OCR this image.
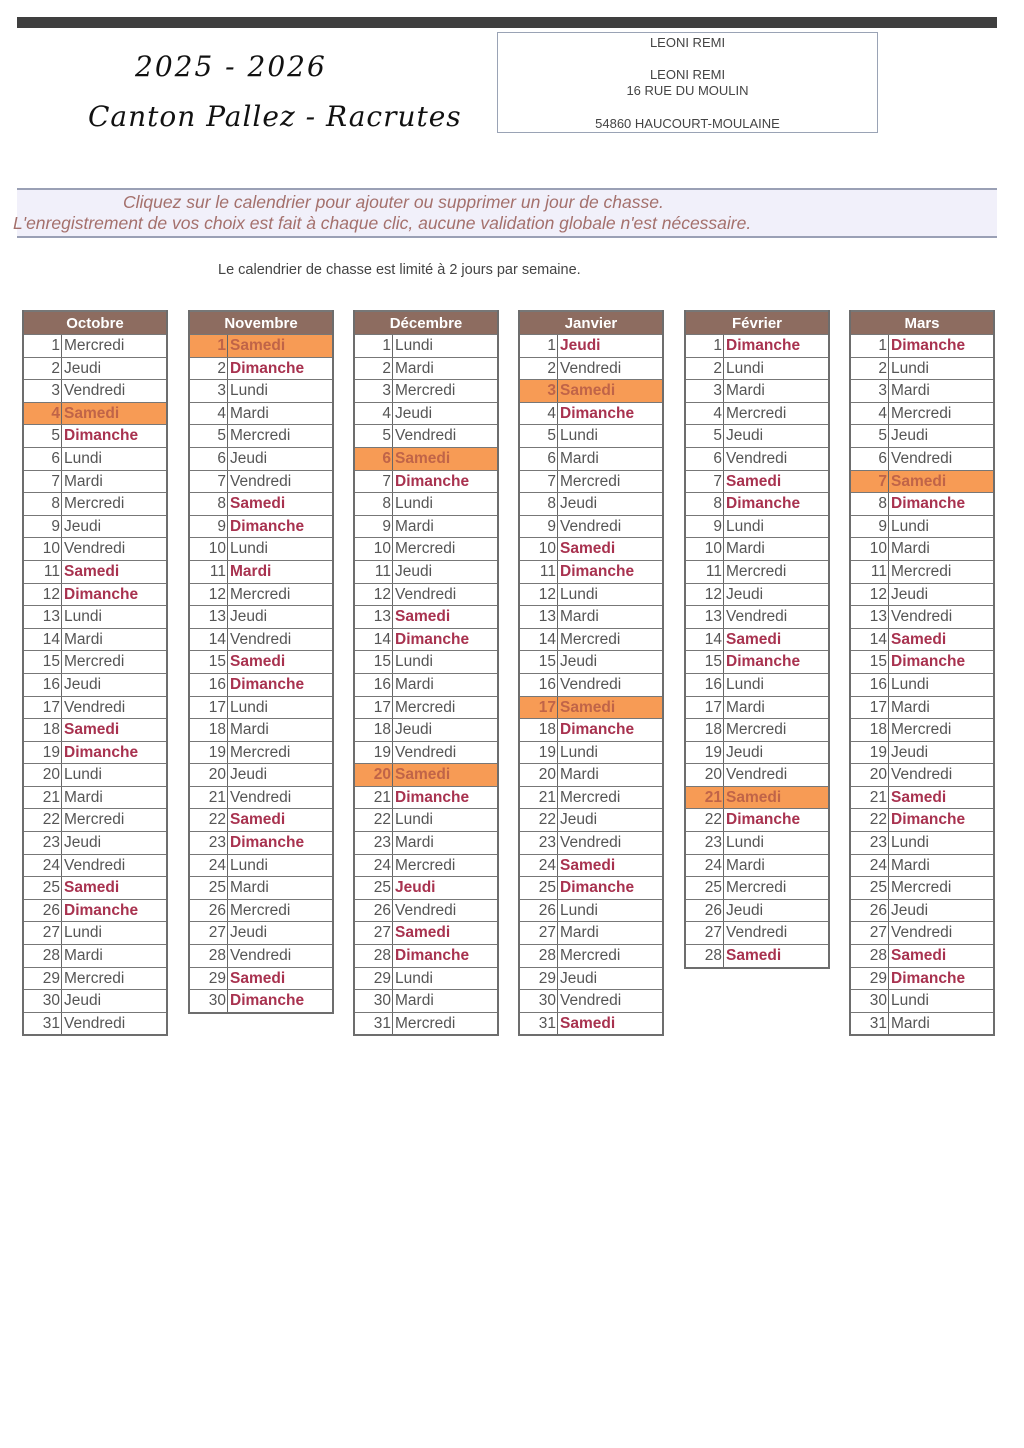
2025 - 2026
Canton Pallez - Racrutes
LEONI REMI
LEONI REMI
16 RUE DU MOULIN
54860 HAUCOURT-MOULAINE
Cliquez sur le calendrier pour ajouter ou supprimer un jour de chasse.
L'enregistrement de vos choix est fait à chaque clic, aucune validation globale n'est nécessaire.
Le calendrier de chasse est limité à 2 jours par semaine.
Octobre
1 Mercredi
2 Jeudi
3 Vendredi
4 Samedi
5 Dimanche
6 Lundi
7 Mardi
8 Mercredi
9 Jeudi
10 Vendredi
11 Samedi
12 Dimanche
13 Lundi
14 Mardi
15 Mercredi
16 Jeudi
17 Vendredi
18 Samedi
19 Dimanche
20 Lundi
21 Mardi
22 Mercredi
23 Jeudi
24 Vendredi
25 Samedi
26 Dimanche
27 Lundi
28 Mardi
29 Mercredi
30 Jeudi
31 Vendredi
Novembre
1 Samedi
2 Dimanche
3 Lundi
4 Mardi
5 Mercredi
6 Jeudi
7 Vendredi
8 Samedi
9 Dimanche
10 Lundi
11 Mardi
12 Mercredi
13 Jeudi
14 Vendredi
15 Samedi
16 Dimanche
17 Lundi
18 Mardi
19 Mercredi
20 Jeudi
21 Vendredi
22 Samedi
23 Dimanche
24 Lundi
25 Mardi
26 Mercredi
27 Jeudi
28 Vendredi
29 Samedi
30 Dimanche
Décembre
1 Lundi
2 Mardi
3 Mercredi
4 Jeudi
5 Vendredi
6 Samedi
7 Dimanche
8 Lundi
9 Mardi
10 Mercredi
11 Jeudi
12 Vendredi
13 Samedi
14 Dimanche
15 Lundi
16 Mardi
17 Mercredi
18 Jeudi
19 Vendredi
20 Samedi
21 Dimanche
22 Lundi
23 Mardi
24 Mercredi
25 Jeudi
26 Vendredi
27 Samedi
28 Dimanche
29 Lundi
30 Mardi
31 Mercredi
Janvier
1 Jeudi
2 Vendredi
3 Samedi
4 Dimanche
5 Lundi
6 Mardi
7 Mercredi
8 Jeudi
9 Vendredi
10 Samedi
11 Dimanche
12 Lundi
13 Mardi
14 Mercredi
15 Jeudi
16 Vendredi
17 Samedi
18 Dimanche
19 Lundi
20 Mardi
21 Mercredi
22 Jeudi
23 Vendredi
24 Samedi
25 Dimanche
26 Lundi
27 Mardi
28 Mercredi
29 Jeudi
30 Vendredi
31 Samedi
Février
1 Dimanche
2 Lundi
3 Mardi
4 Mercredi
5 Jeudi
6 Vendredi
7 Samedi
8 Dimanche
9 Lundi
10 Mardi
11 Mercredi
12 Jeudi
13 Vendredi
14 Samedi
15 Dimanche
16 Lundi
17 Mardi
18 Mercredi
19 Jeudi
20 Vendredi
21 Samedi
22 Dimanche
23 Lundi
24 Mardi
25 Mercredi
26 Jeudi
27 Vendredi
28 Samedi
Mars
1 Dimanche
2 Lundi
3 Mardi
4 Mercredi
5 Jeudi
6 Vendredi
7 Samedi
8 Dimanche
9 Lundi
10 Mardi
11 Mercredi
12 Jeudi
13 Vendredi
14 Samedi
15 Dimanche
16 Lundi
17 Mardi
18 Mercredi
19 Jeudi
20 Vendredi
21 Samedi
22 Dimanche
23 Lundi
24 Mardi
25 Mercredi
26 Jeudi
27 Vendredi
28 Samedi
29 Dimanche
30 Lundi
31 Mardi
